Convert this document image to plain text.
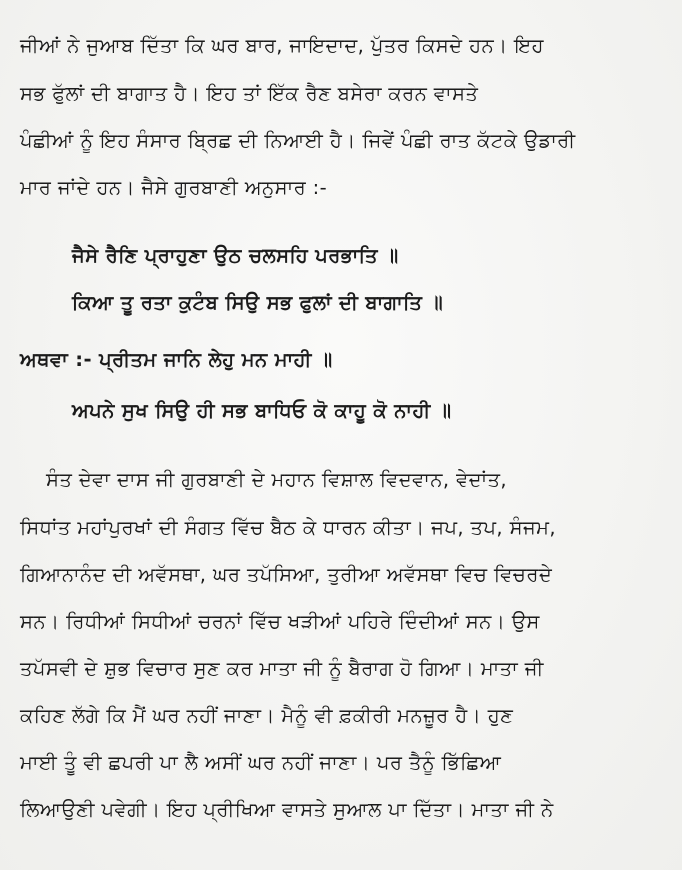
ਜੀਆਂ ਨੇ ਜੁਆਬ ਦਿੱਤਾ ਕਿ ਘਰ ਬਾਰ, ਜਾਇਦਾਦ, ਪੁੱਤਰ ਕਿਸਦੇ ਹਨ। ਇਹ
ਸਭ ਫੁੱਲਾਂ ਦੀ ਬਾਗਾਤ ਹੈ। ਇਹ ਤਾਂ ਇੱਕ ਰੈਣ ਬਸੇਰਾ ਕਰਨ ਵਾਸਤੇ
ਪੰਛੀਆਂ ਨੂੰ ਇਹ ਸੰਸਾਰ ਬ੍ਰਿਛ ਦੀ ਨਿਆਈ ਹੈ। ਜਿਵੇਂ ਪੰਛੀ ਰਾਤ ਕੱਟਕੇ ਉਡਾਰੀ
ਮਾਰ ਜਾਂਦੇ ਹਨ। ਜੈਸੇ ਗੁਰਬਾਣੀ ਅਨੁਸਾਰ :-
ਜੈਸੇ ਰੈਣਿ ਪ੍ਰਾਹੁਣਾ ਉਠ ਚਲਸਹਿ ਪਰਭਾਤਿ ॥
ਕਿਆ ਤੂ ਰਤਾ ਕੁਟੰਬ ਸਿਉ ਸਭ ਫੁਲਾਂ ਦੀ ਬਾਗਾਤਿ ॥
ਅਥਵਾ :- ਪ੍ਰੀਤਮ ਜਾਨਿ ਲੇਹੁ ਮਨ ਮਾਹੀ ॥
ਅਪਨੇ ਸੁਖ ਸਿਉ ਹੀ ਸਭ ਬਾਧਿਓ ਕੋ ਕਾਹੂ ਕੋ ਨਾਹੀ ॥
ਸੰਤ ਦੇਵਾ ਦਾਸ ਜੀ ਗੁਰਬਾਣੀ ਦੇ ਮਹਾਨ ਵਿਸ਼ਾਲ ਵਿਦਵਾਨ, ਵੇਦਾਂਤ,
ਸਿਧਾਂਤ ਮਹਾਂਪੁਰਖਾਂ ਦੀ ਸੰਗਤ ਵਿੱਚ ਬੈਠ ਕੇ ਧਾਰਨ ਕੀਤਾ। ਜਪ, ਤਪ, ਸੰਜਮ,
ਗਿਆਨਾਨੰਦ ਦੀ ਅਵੱਸਥਾ, ਘਰ ਤਪੱਸਿਆ, ਤੁਰੀਆ ਅਵੱਸਥਾ ਵਿਚ ਵਿਚਰਦੇ
ਸਨ। ਰਿਧੀਆਂ ਸਿਧੀਆਂ ਚਰਨਾਂ ਵਿੱਚ ਖੜੀਆਂ ਪਹਿਰੇ ਦਿੰਦੀਆਂ ਸਨ। ਉਸ
ਤਪੱਸਵੀ ਦੇ ਸ਼ੁਭ ਵਿਚਾਰ ਸੁਣ ਕਰ ਮਾਤਾ ਜੀ ਨੂੰ ਬੈਰਾਗ ਹੋ ਗਿਆ। ਮਾਤਾ ਜੀ
ਕਹਿਣ ਲੱਗੇ ਕਿ ਮੈਂ ਘਰ ਨਹੀਂ ਜਾਣਾ। ਮੈਨੂੰ ਵੀ ਫ਼ਕੀਰੀ ਮਨਜ਼ੂਰ ਹੈ। ਹੁਣ
ਮਾਈ ਤੂੰ ਵੀ ਛਪਰੀ ਪਾ ਲੈ ਅਸੀਂ ਘਰ ਨਹੀਂ ਜਾਣਾ। ਪਰ ਤੈਨੂੰ ਭਿੱਛਿਆ
ਲਿਆਉਣੀ ਪਵੇਗੀ। ਇਹ ਪ੍ਰੀਖਿਆ ਵਾਸਤੇ ਸੁਆਲ ਪਾ ਦਿੱਤਾ। ਮਾਤਾ ਜੀ ਨੇ
